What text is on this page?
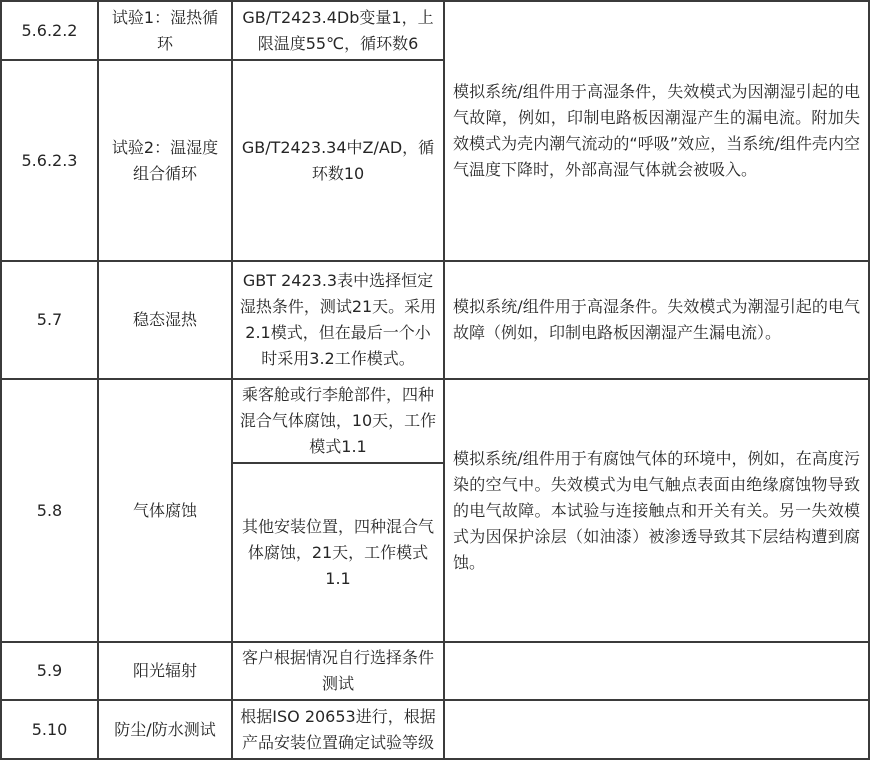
5.6.2.2	试验1：湿热循环	GB/T2423.4Db变量1，上限温度55℃，循环数6	模拟系统/组件用于高湿条件，失效模式为因潮湿引起的电气故障，例如，印制电路板因潮湿产生的漏电流。附加失效模式为壳内潮气流动的“呼吸”效应，当系统/组件壳内空气温度下降时，外部高湿气体就会被吸入。
5.6.2.3	试验2：温湿度组合循环	GB/T2423.34中Z/AD，循环数10	
5.7	稳态湿热	GBT 2423.3表中选择恒定湿热条件，测试21天。采用2.1模式，但在最后一个小时采用3.2工作模式。	模拟系统/组件用于高湿条件。失效模式为潮湿引起的电气故障（例如，印制电路板因潮湿产生漏电流）。
5.8	气体腐蚀	乘客舱或行李舱部件，四种混合气体腐蚀，10天，工作模式1.1	模拟系统/组件用于有腐蚀气体的环境中，例如，在高度污染的空气中。失效模式为电气触点表面由绝缘腐蚀物导致的电气故障。本试验与连接触点和开关有关。另一失效模式为因保护涂层（如油漆）被渗透导致其下层结构遭到腐蚀。
		其他安装位置，四种混合气体腐蚀，21天，工作模式1.1	
5.9	阳光辐射	客户根据情况自行选择条件测试	
5.10	防尘/防水测试	根据ISO 20653进行，根据产品安装位置确定试验等级	
